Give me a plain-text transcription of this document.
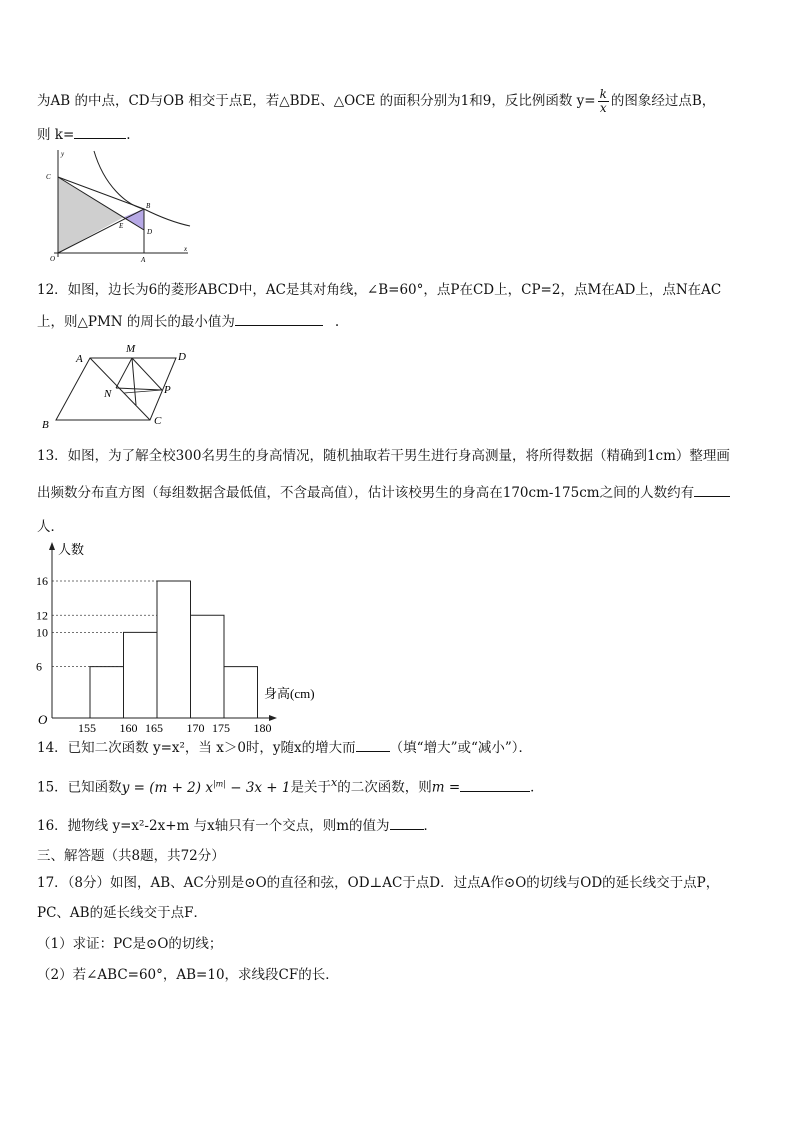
为AB 的中点，CD与OB 相交于点E，若△BDE、△OCE 的面积分别为1和9，反比例函数 $y= \frac{k}{x}$ 的图象经过点B，
则 k=	.
y
C
B
E
D
O	A
x
12．如图，边长为6的菱形ABCD中，AC是其对角线，∠B=60°，点P在CD上，CP=2，点M在AD上，点N在AC
上，则△PMN 的周长的最小值为	.
A
M
D
N	P
B	C
13．如图，为了解全校300名男生的身高情况，随机抽取若干男生进行身高测量，将所得数据（精确到1cm）整理画
出频数分布直方图（每组数据含最低值，不含最高值），估计该校男生的身高在170cm-175cm之间的人数约有
人．
人数
身高(cm)
O
6
10
12
16
155 160 165 170 175 180
14．已知二次函数 y=x²，当 x＞0时，y随x的增大而	（填“增大”或“减小”）．
15．已知函数y = (m + 2) $x^{|m|} - 3x + 1$是关于$^x$的二次函数，则m =	．
16．抛物线 y=x²-2x+m 与x轴只有一个交点，则m的值为	．
三、解答题（共8题，共72分）
17．（8分）如图，AB、AC分别是⊙O的直径和弦，OD⊥AC于点D．过点A作⊙O的切线与OD的延长线交于点P，
PC、AB的延长线交于点F．
（1）求证：PC是⊙O的切线；
（2）若∠ABC=60°，AB=10，求线段CF的长．
